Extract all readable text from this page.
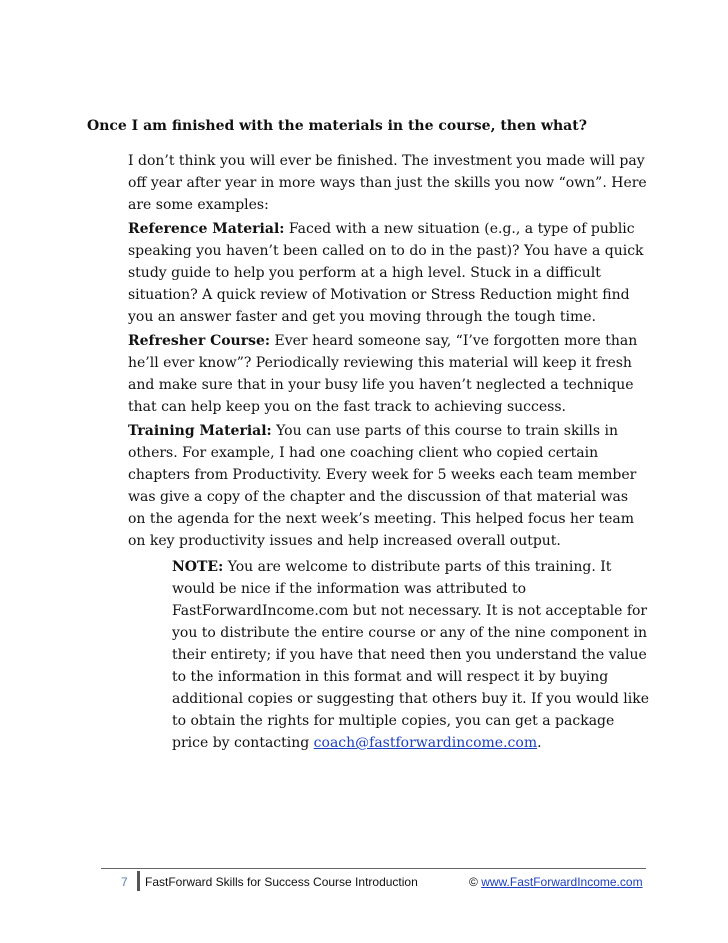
Once I am finished with the materials in the course, then what?

I don’t think you will ever be finished. The investment you made will pay off year after year in more ways than just the skills you now “own”. Here are some examples:

Reference Material: Faced with a new situation (e.g., a type of public speaking you haven’t been called on to do in the past)? You have a quick study guide to help you perform at a high level. Stuck in a difficult situation? A quick review of Motivation or Stress Reduction might find you an answer faster and get you moving through the tough time.

Refresher Course: Ever heard someone say, “I’ve forgotten more than he’ll ever know”? Periodically reviewing this material will keep it fresh and make sure that in your busy life you haven’t neglected a technique that can help keep you on the fast track to achieving success.

Training Material: You can use parts of this course to train skills in others. For example, I had one coaching client who copied certain chapters from Productivity. Every week for 5 weeks each team member was give a copy of the chapter and the discussion of that material was on the agenda for the next week’s meeting. This helped focus her team on key productivity issues and help increased overall output.

NOTE: You are welcome to distribute parts of this training. It would be nice if the information was attributed to FastForwardIncome.com but not necessary. It is not acceptable for you to distribute the entire course or any of the nine component in their entirety; if you have that need then you understand the value to the information in this format and will respect it by buying additional copies or suggesting that others buy it. If you would like to obtain the rights for multiple copies, you can get a package price by contacting coach@fastforwardincome.com.

7	FastForward Skills for Success Course Introduction	© www.FastForwardIncome.com
